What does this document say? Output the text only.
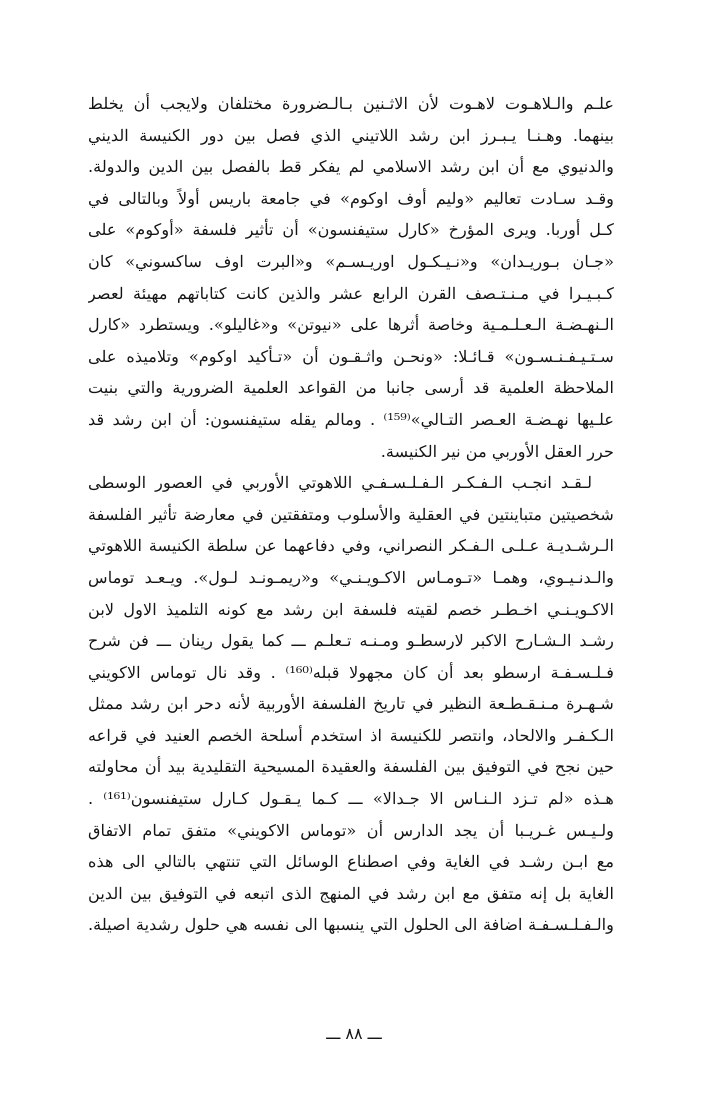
علـم والـلاهـوت لاهـوت لأن الاثـنين بـالـضرورة مختلفان ولايجب أن يخلط
بينهما. وهـنـا يـبـرز ابن رشد اللاتيني الذي فصل بين دور الكنيسة الديني
والدنيوي مع أن ابن رشد الاسلامي لم يفكر قط بالفصل بين الدين والدولة.
وقـد سـادت تعاليم «وليم أوف اوكوم» في جامعة باريس أولاً وبالتالى في
كـل أوربا. ويرى المؤرخ «كارل ستيفنسون» أن تأثير فلسفة «أوكوم» على
«جـان بـوريـدان» و«نـيـكـول اوريـسـم» و«البرت اوف ساكسوني» كان
كـبـيـرا في مـنـتـصف القرن الرابع عشر والذين كانت كتاباتهم مهيئة لعصر
الـنهـضـة الـعـلـمـية وخاصة أثرها على «نيوتن» و«غاليلو». ويستطرد «كارل
سـتـيـفـنـسـون» قـائـلا: «ونحـن واثـقـون أن «تـأكيد اوكوم» وتلاميذه على
الملاحظة العلمية قد أرسى جانبا من القواعد العلمية الضرورية والتي بنيت
علـيها نهـضـة العـصر التـالي»⁽¹⁵⁹⁾ . ومالم يقله ستيفنسون: أن ابن رشد قد
حرر العقل الأوربي من نير الكنيسة.
لـقـد انجـب الـفـكـر الـفـلـسـفـي اللاهوتي الأوربي في العصور الوسطى
شخصيتين متباينتين في العقلية والأسلوب ومتفقتين في معارضة تأثير الفلسفة
الـرشـديـة عـلـى الـفـكر النصراني، وفي دفاعهما عن سلطة الكنيسة اللاهوتي
والـدنـيـوي، وهمـا «تـومـاس الاكـويـنـي» و«ريمـونـد لـول». ويـعـد توماس
الاكـويـنـي اخـطـر خصم لقيته فلسفة ابن رشد مع كونه التلميذ الاول لابن
رشـد الـشـارح الاكبر لارسطـو ومـنـه تـعلـم ـــ كما يقول رينان ـــ فن شرح
فـلـسـفـة ارسطو بعد أن كان مجهولا قبله⁽¹⁶⁰⁾ . وقد نال توماس الاكويني
شـهـرة مـنـقـطـعة النظير في تاريخ الفلسفة الأوربية لأنه دحر ابن رشد ممثل
الـكـفـر والالحاد، وانتصر للكنيسة اذ استخدم أسلحة الخصم العنيد في قراعه
حين نجح في التوفيق بين الفلسفة والعقيدة المسيحية التقليدية بيد أن محاولته
هـذه «لم تـزد الـنـاس الا جـدالا» ـــ كـما يـقـول كـارل ستيفنسون⁽¹⁶¹⁾ .
ولـيـس غـريـبا أن يجد الدارس أن «توماس الاكويني» متفق تمام الاتفاق
مع ابـن رشـد في الغاية وفي اصطناع الوسائل التي تنتهي بالتالي الى هذه
الغاية بل إنه متفق مع ابن رشد في المنهج الذى اتبعه في التوفيق بين الدين
والـفـلـسـفـة اضافة الى الحلول التي ينسبها الى نفسه هي حلول رشدية اصيلة.
ـــ ٨٨ ـــ
